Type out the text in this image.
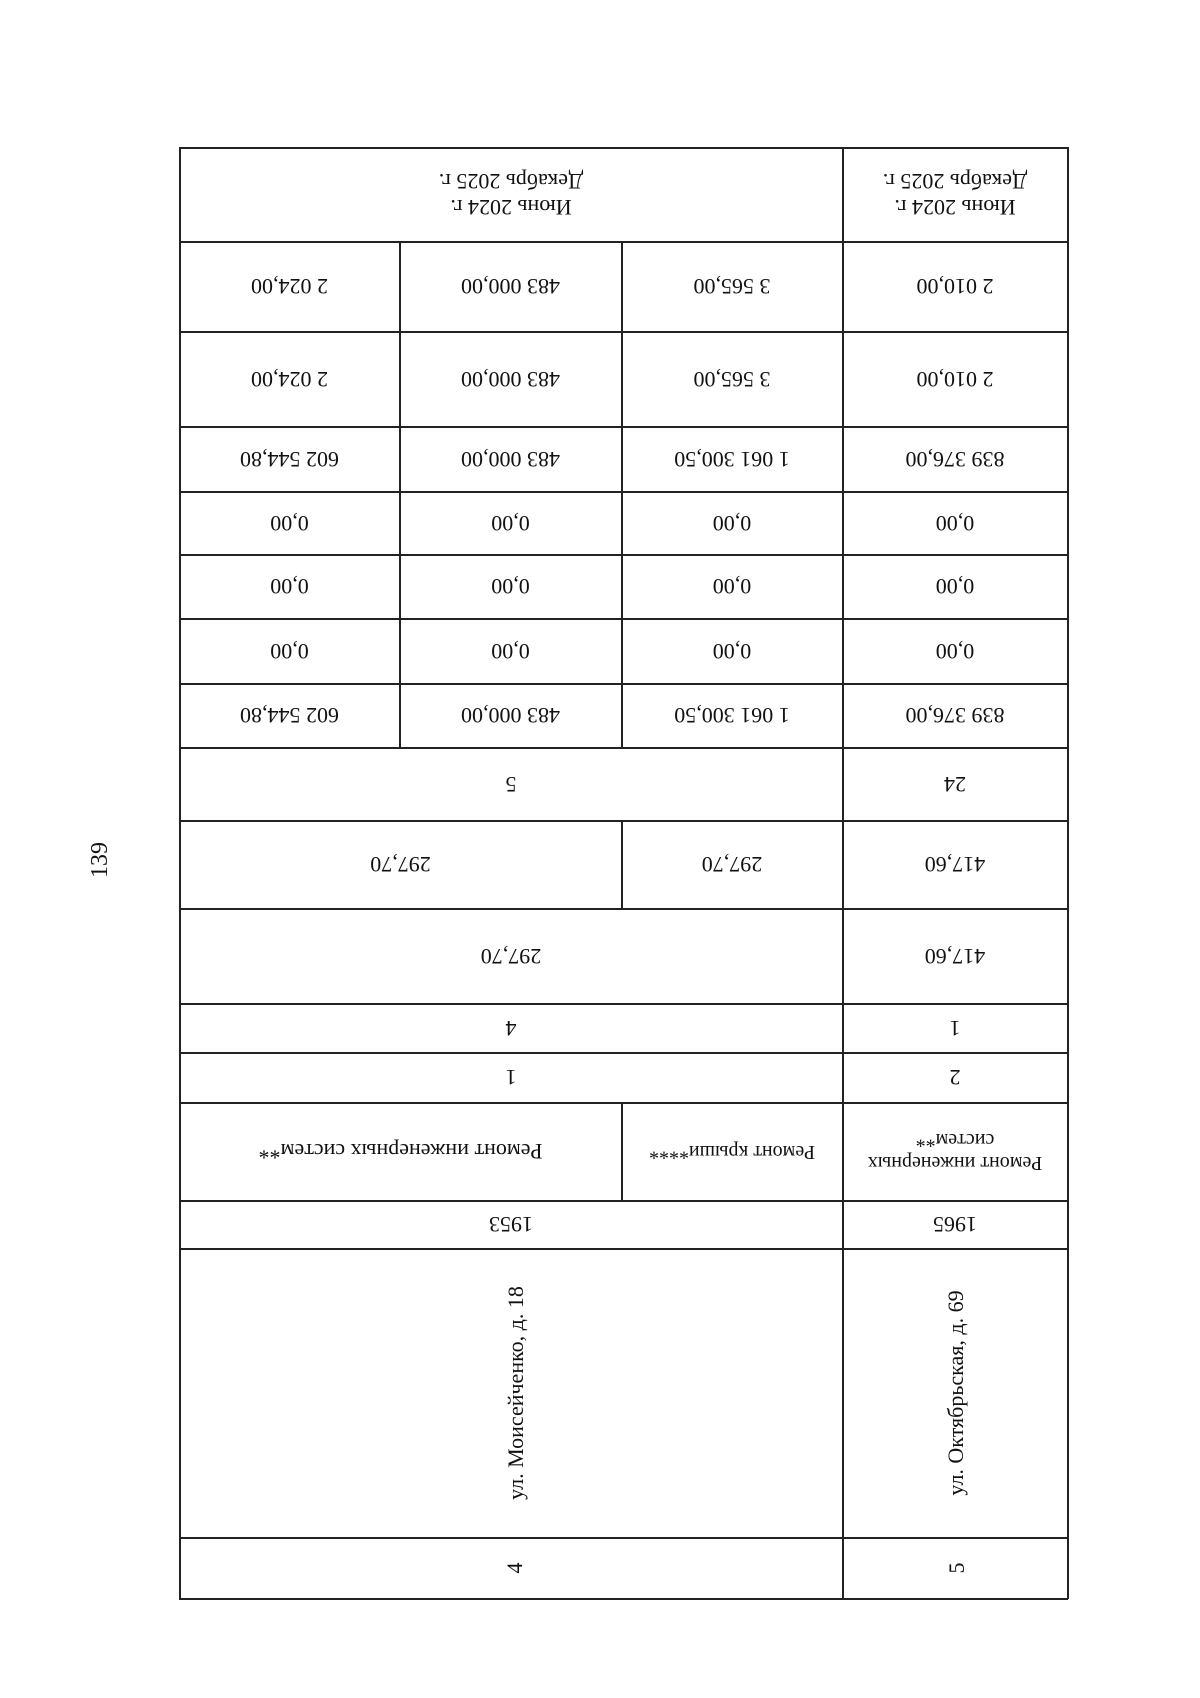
139
Июнь 2024 г.
Декабрь 2025 г.
Июнь 2024 г.
Декабрь 2025 г.
2 024,00	483 000,00	3 565,00	2 010,00
2 024,00	483 000,00	3 565,00	2 010,00
602 544,80	483 000,00	1 061 300,50	839 376,00
0,00	0,00	0,00	0,00
0,00	0,00	0,00	0,00
0,00	0,00	0,00	0,00
602 544,80	483 000,00	1 061 300,50	839 376,00
5	24
297,70	297,70	417,60
297,70	417,60
4	1
1	2
Ремонт инженерных систем**	Ремонт крыши****
Ремонт инженерных систем**
1953	1965
ул. Моисейченко, д. 18	ул. Октябрьская, д. 69
4	5
